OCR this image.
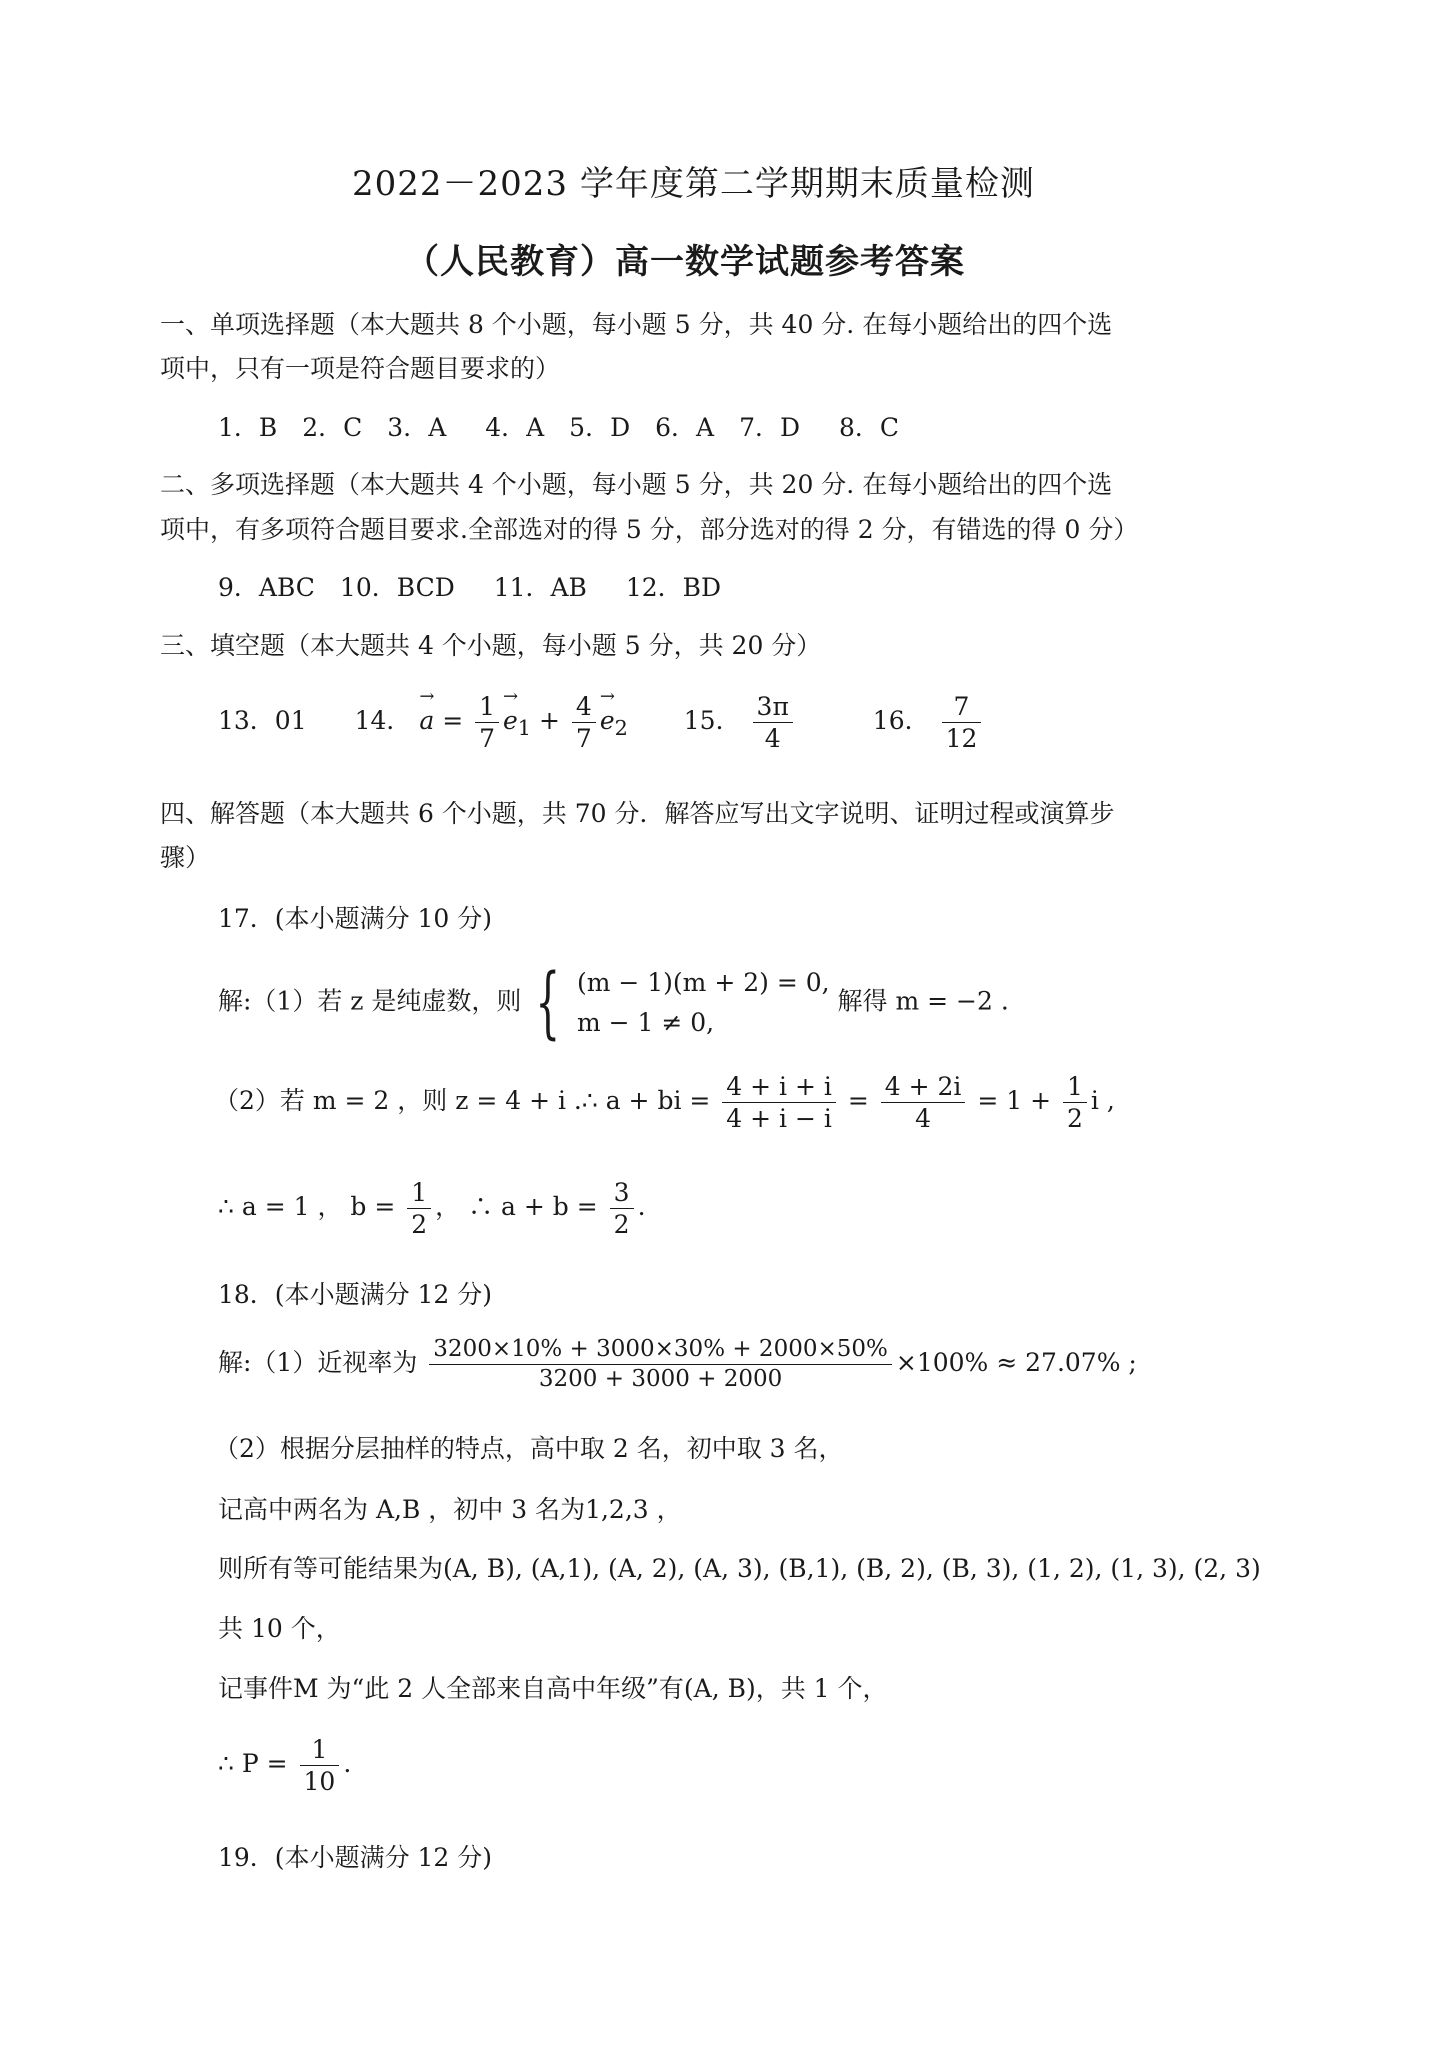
2022－2023 学年度第二学期期末质量检测
（人民教育）高一数学试题参考答案
一、单项选择题（本大题共 8 个小题，每小题 5 分，共 40 分. 在每小题给出的四个选
项中，只有一项是符合题目要求的）
1．B　2．C　3．A　 4．A　5．D　6．A　7．D　 8．C
二、多项选择题（本大题共 4 个小题，每小题 5 分，共 20 分. 在每小题给出的四个选
项中，有多项符合题目要求.全部选对的得 5 分，部分选对的得 2 分，有错选的得 0 分）
9．ABC　10．BCD　 11．AB　 12．BD
三、填空题（本大题共 4 个小题，每小题 5 分，共 20 分）
13．01 14． → $a = \frac{1}{7}$
→ $e_1 + \frac{4}{7}$
→ $e_2$ 15． $\frac{3\pi}{4}$	16． $\frac{7}{12}$
四、解答题（本大题共 6 个小题，共 70 分．解答应写出文字说明、证明过程或演算步
骤）
17．(本小题满分 10 分)
解:（1）若 z 是纯虚数，则 { (m − 1)(m + 2) = 0,
m − 1 ≠ 0,
解得 m = −2 .
（2）若 m = 2 ，则 z = 4 + i .∴ a + bi = $\frac{4 + i + i}{4 + i - i} = \frac{4 + 2i}{4} = 1 + \frac{1}{2}$ i ,
∴ a = 1 ， $b = \frac{1}{2}$ ， ∴ $a + b = \frac{3}{2}$ .
18．(本小题满分 12 分)
解:（1）近视率为 $\frac{3200\times 10\% + 3000\times 30\% + 2000\times 50\%}{3200 + 3000 + 2000} \times 100\% \approx 27.07\%$ ;
（2）根据分层抽样的特点，高中取 2 名，初中取 3 名，
记高中两名为 A,B ，初中 3 名为1,2,3 ，
则所有等可能结果为(A, B), (A,1), (A, 2), (A, 3), (B,1), (B, 2), (B, 3), (1, 2), (1, 3), (2, 3)
共 10 个，
记事件M 为“此 2 人全部来自高中年级”有(A, B)，共 1 个，
∴ $P = \frac{1}{10}$ .
19．(本小题满分 12 分)
